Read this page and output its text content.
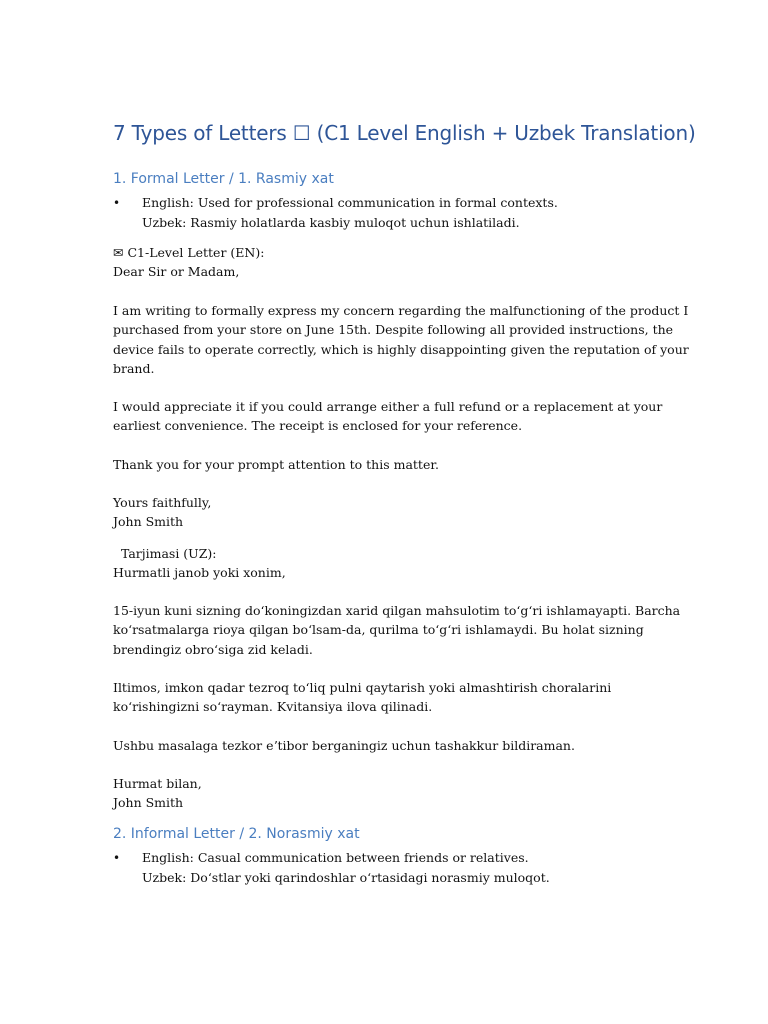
7 Types of Letters ☐ (C1 Level English + Uzbek Translation)
1. Formal Letter / 1. Rasmiy xat
•	English: Used for professional communication in formal contexts.
Uzbek: Rasmiy holatlarda kasbiy muloqot uchun ishlatiladi.
✉ C1-Level Letter (EN):
Dear Sir or Madam,
I am writing to formally express my concern regarding the malfunctioning of the product I
purchased from your store on June 15th. Despite following all provided instructions, the
device fails to operate correctly, which is highly disappointing given the reputation of your
brand.
I would appreciate it if you could arrange either a full refund or a replacement at your
earliest convenience. The receipt is enclosed for your reference.
Thank you for your prompt attention to this matter.
Yours faithfully,
John Smith
Tarjimasi (UZ):
Hurmatli janob yoki xonim,
15-iyun kuni sizning doʻkoningizdan xarid qilgan mahsulotim toʻgʻri ishlamayapti. Barcha
koʻrsatmalarga rioya qilgan boʻlsam-da, qurilma toʻgʻri ishlamaydi. Bu holat sizning
brendingiz obroʻsiga zid keladi.
Iltimos, imkon qadar tezroq toʻliq pulni qaytarish yoki almashtirish choralarini
koʻrishingizni soʻrayman. Kvitansiya ilova qilinadi.
Ushbu masalaga tezkor eʼtibor berganingiz uchun tashakkur bildiraman.
Hurmat bilan,
John Smith
2. Informal Letter / 2. Norasmiy xat
•	English: Casual communication between friends or relatives.
Uzbek: Doʻstlar yoki qarindoshlar oʻrtasidagi norasmiy muloqot.
